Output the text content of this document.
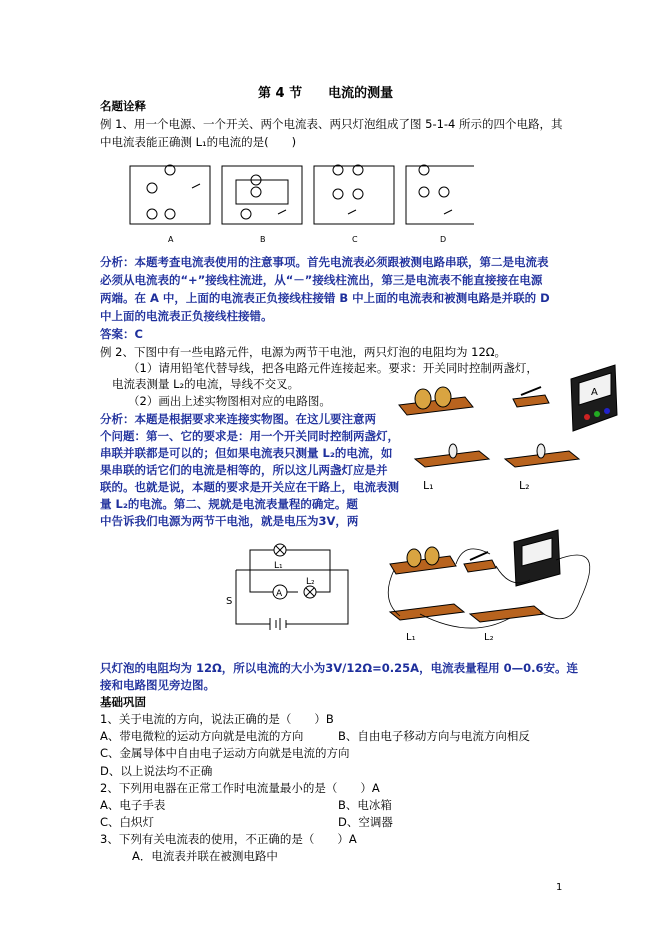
第 4 节　　电流的测量
名题诠释
例 1、用一个电源、一个开关、两个电流表、两只灯泡组成了图 5-1-4 所示的四个电路，其
中电流表能正确测 L₁的电流的是(　　)
A	B	C	D
分析：本题考查电流表使用的注意事项。首先电流表必须跟被测电路串联，第二是电流表
必须从电流表的“+”接线柱流进，从“－”接线柱流出，第三是电流表不能直接接在电源
两端。在 A 中，上面的电流表正负接线柱接错 B 中上面的电流表和被测电路是并联的 D
中上面的电流表正负接线柱接错。
答案：C
例 2、下图中有一些电路元件，电源为两节干电池，两只灯泡的电阻均为 12Ω。
（1）请用铅笔代替导线，把各电路元件连接起来。要求：开关同时控制两盏灯，
电流表测量 L₂的电流，导线不交叉。
（2）画出上述实物图相对应的电路图。
分析：本题是根据要求来连接实物图。在这儿要注意两
个问题：第一、它的要求是：用一个开关同时控制两盏灯，
串联并联都是可以的；但如果电流表只测量 L₂的电流，如
果串联的话它们的电流是相等的，所以这儿两盏灯应是并
联的。也就是说，本题的要求是开关应在干路上，电流表测
量 L₂的电流。第二、规就是电流表量程的确定。题
中告诉我们电源为两节干电池，就是电压为3V，两
A
L₁	L₂
A
L₁
L₂
S
L₁	L₂
只灯泡的电阻均为 12Ω，所以电流的大小为3V/12Ω=0.25A，电流表量程用 0—0.6安。连
接和电路图见旁边图。
基础巩固
1、关于电流的方向，说法正确的是（　　）B
A、带电微粒的运动方向就是电流的方向	B、自由电子移动方向与电流方向相反
C、金属导体中自由电子运动方向就是电流的方向
D、以上说法均不正确
2、下列用电器在正常工作时电流量最小的是（　　）A
A、电子手表	B、电冰箱
C、白炽灯	D、空调器
3、下列有关电流表的使用，不正确的是（　　）A
A．电流表并联在被测电路中
1
